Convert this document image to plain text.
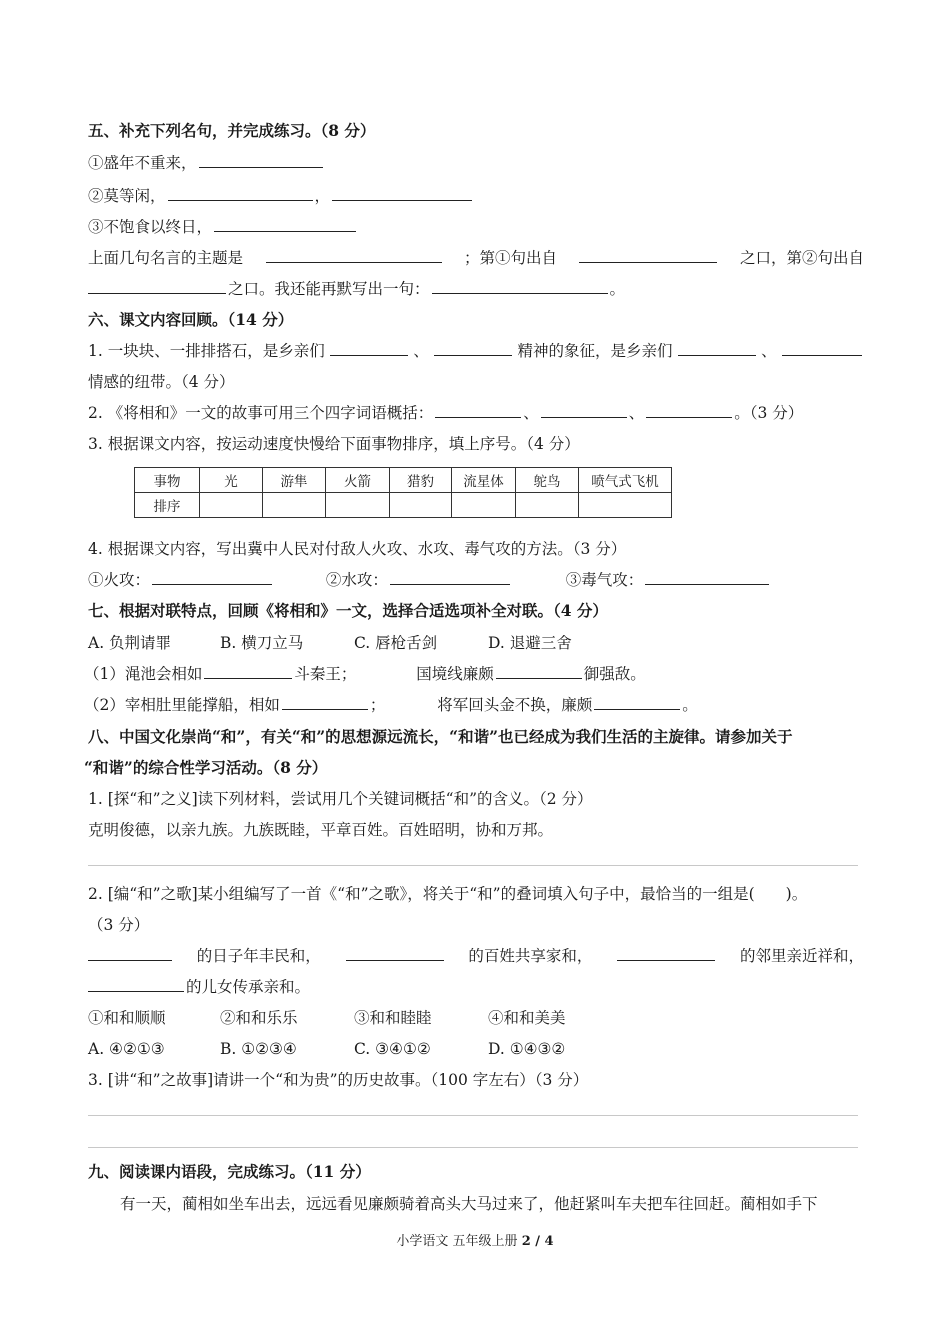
五、补充下列名句，并完成练习。（8 分）
①盛年不重来，
②莫等闲，	，
③不饱食以终日，
上面几句名言的主题是	；第①句出自	之口，第②句出自
之口。我还能再默写出一句：	。
六、课文内容回顾。（14 分）
1. 一块块、一排排搭石，是乡亲们	、	精神的象征，是乡亲们	、
情感的纽带。（4 分）
2. 《将相和》一文的故事可用三个四字词语概括：	、	、	。（3 分）
3. 根据课文内容，按运动速度快慢给下面事物排序，填上序号。（4 分）
事物	光	游隼	火箭	猎豹	流星体	鸵鸟	喷气式飞机
排序							
4. 根据课文内容，写出冀中人民对付敌人火攻、水攻、毒气攻的方法。（3 分）
①火攻：	②水攻：	③毒气攻：
七、根据对联特点，回顾《将相和》一文，选择合适选项补全对联。（4 分）
A. 负荆请罪	B. 横刀立马	C. 唇枪舌剑	D. 退避三舍
（1）渑池会相如	斗秦王；	国境线廉颇	御强敌。
（2）宰相肚里能撑船，相如	；	将军回头金不换，廉颇	。
八、中国文化崇尚“和”，有关“和”的思想源远流长，“和谐”也已经成为我们生活的主旋律。请参加关于
“和谐”的综合性学习活动。（8 分）
1. [探“和”之义]读下列材料，尝试用几个关键词概括“和”的含义。（2 分）
克明俊德，以亲九族。九族既睦，平章百姓。百姓昭明，协和万邦。
2. [编“和”之歌]某小组编写了一首《“和”之歌》，将关于“和”的叠词填入句子中，最恰当的一组是(　　)。
（3 分）
的日子年丰民和，	的百姓共享家和，	的邻里亲近祥和，
的儿女传承亲和。
①和和顺顺	②和和乐乐	③和和睦睦	④和和美美
A. ④②①③	B. ①②③④	C. ③④①②	D. ①④③②
3. [讲“和”之故事]请讲一个“和为贵”的历史故事。（100 字左右）（3 分）
九、阅读课内语段，完成练习。（11 分）
有一天，蔺相如坐车出去，远远看见廉颇骑着高头大马过来了，他赶紧叫车夫把车往回赶。蔺相如手下
小学语文 五年级上册 2 / 4
